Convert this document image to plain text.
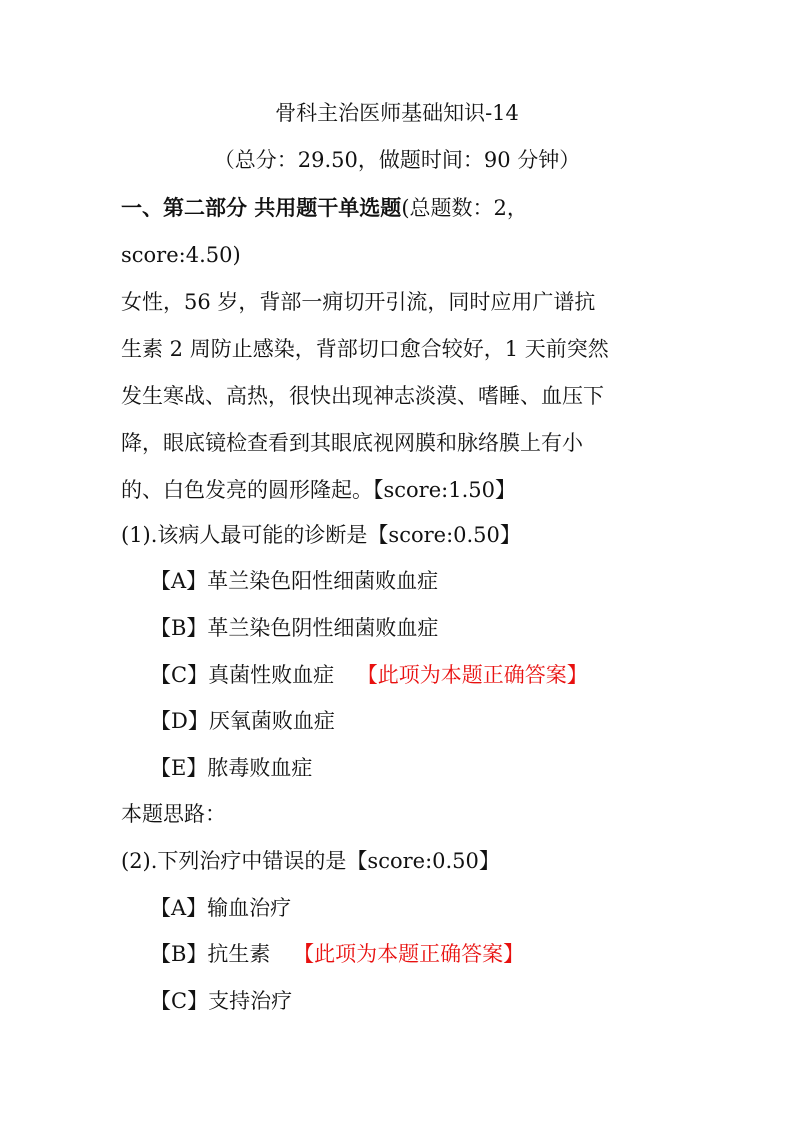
骨科主治医师基础知识-14
（总分：29.50，做题时间：90 分钟）
一、第二部分 共用题干单选题(总题数：2，
score:4.50)
女性，56 岁，背部一痈切开引流，同时应用广谱抗
生素 2 周防止感染，背部切口愈合较好，1 天前突然
发生寒战、高热，很快出现神志淡漠、嗜睡、血压下
降，眼底镜检查看到其眼底视网膜和脉络膜上有小
的、白色发亮的圆形隆起。【score:1.50】
(1).该病人最可能的诊断是【score:0.50】
【A】革兰染色阳性细菌败血症
【B】革兰染色阴性细菌败血症
【C】真菌性败血症 【此项为本题正确答案】
【D】厌氧菌败血症
【E】脓毒败血症
本题思路：
(2).下列治疗中错误的是【score:0.50】
【A】输血治疗
【B】抗生素 【此项为本题正确答案】
【C】支持治疗
